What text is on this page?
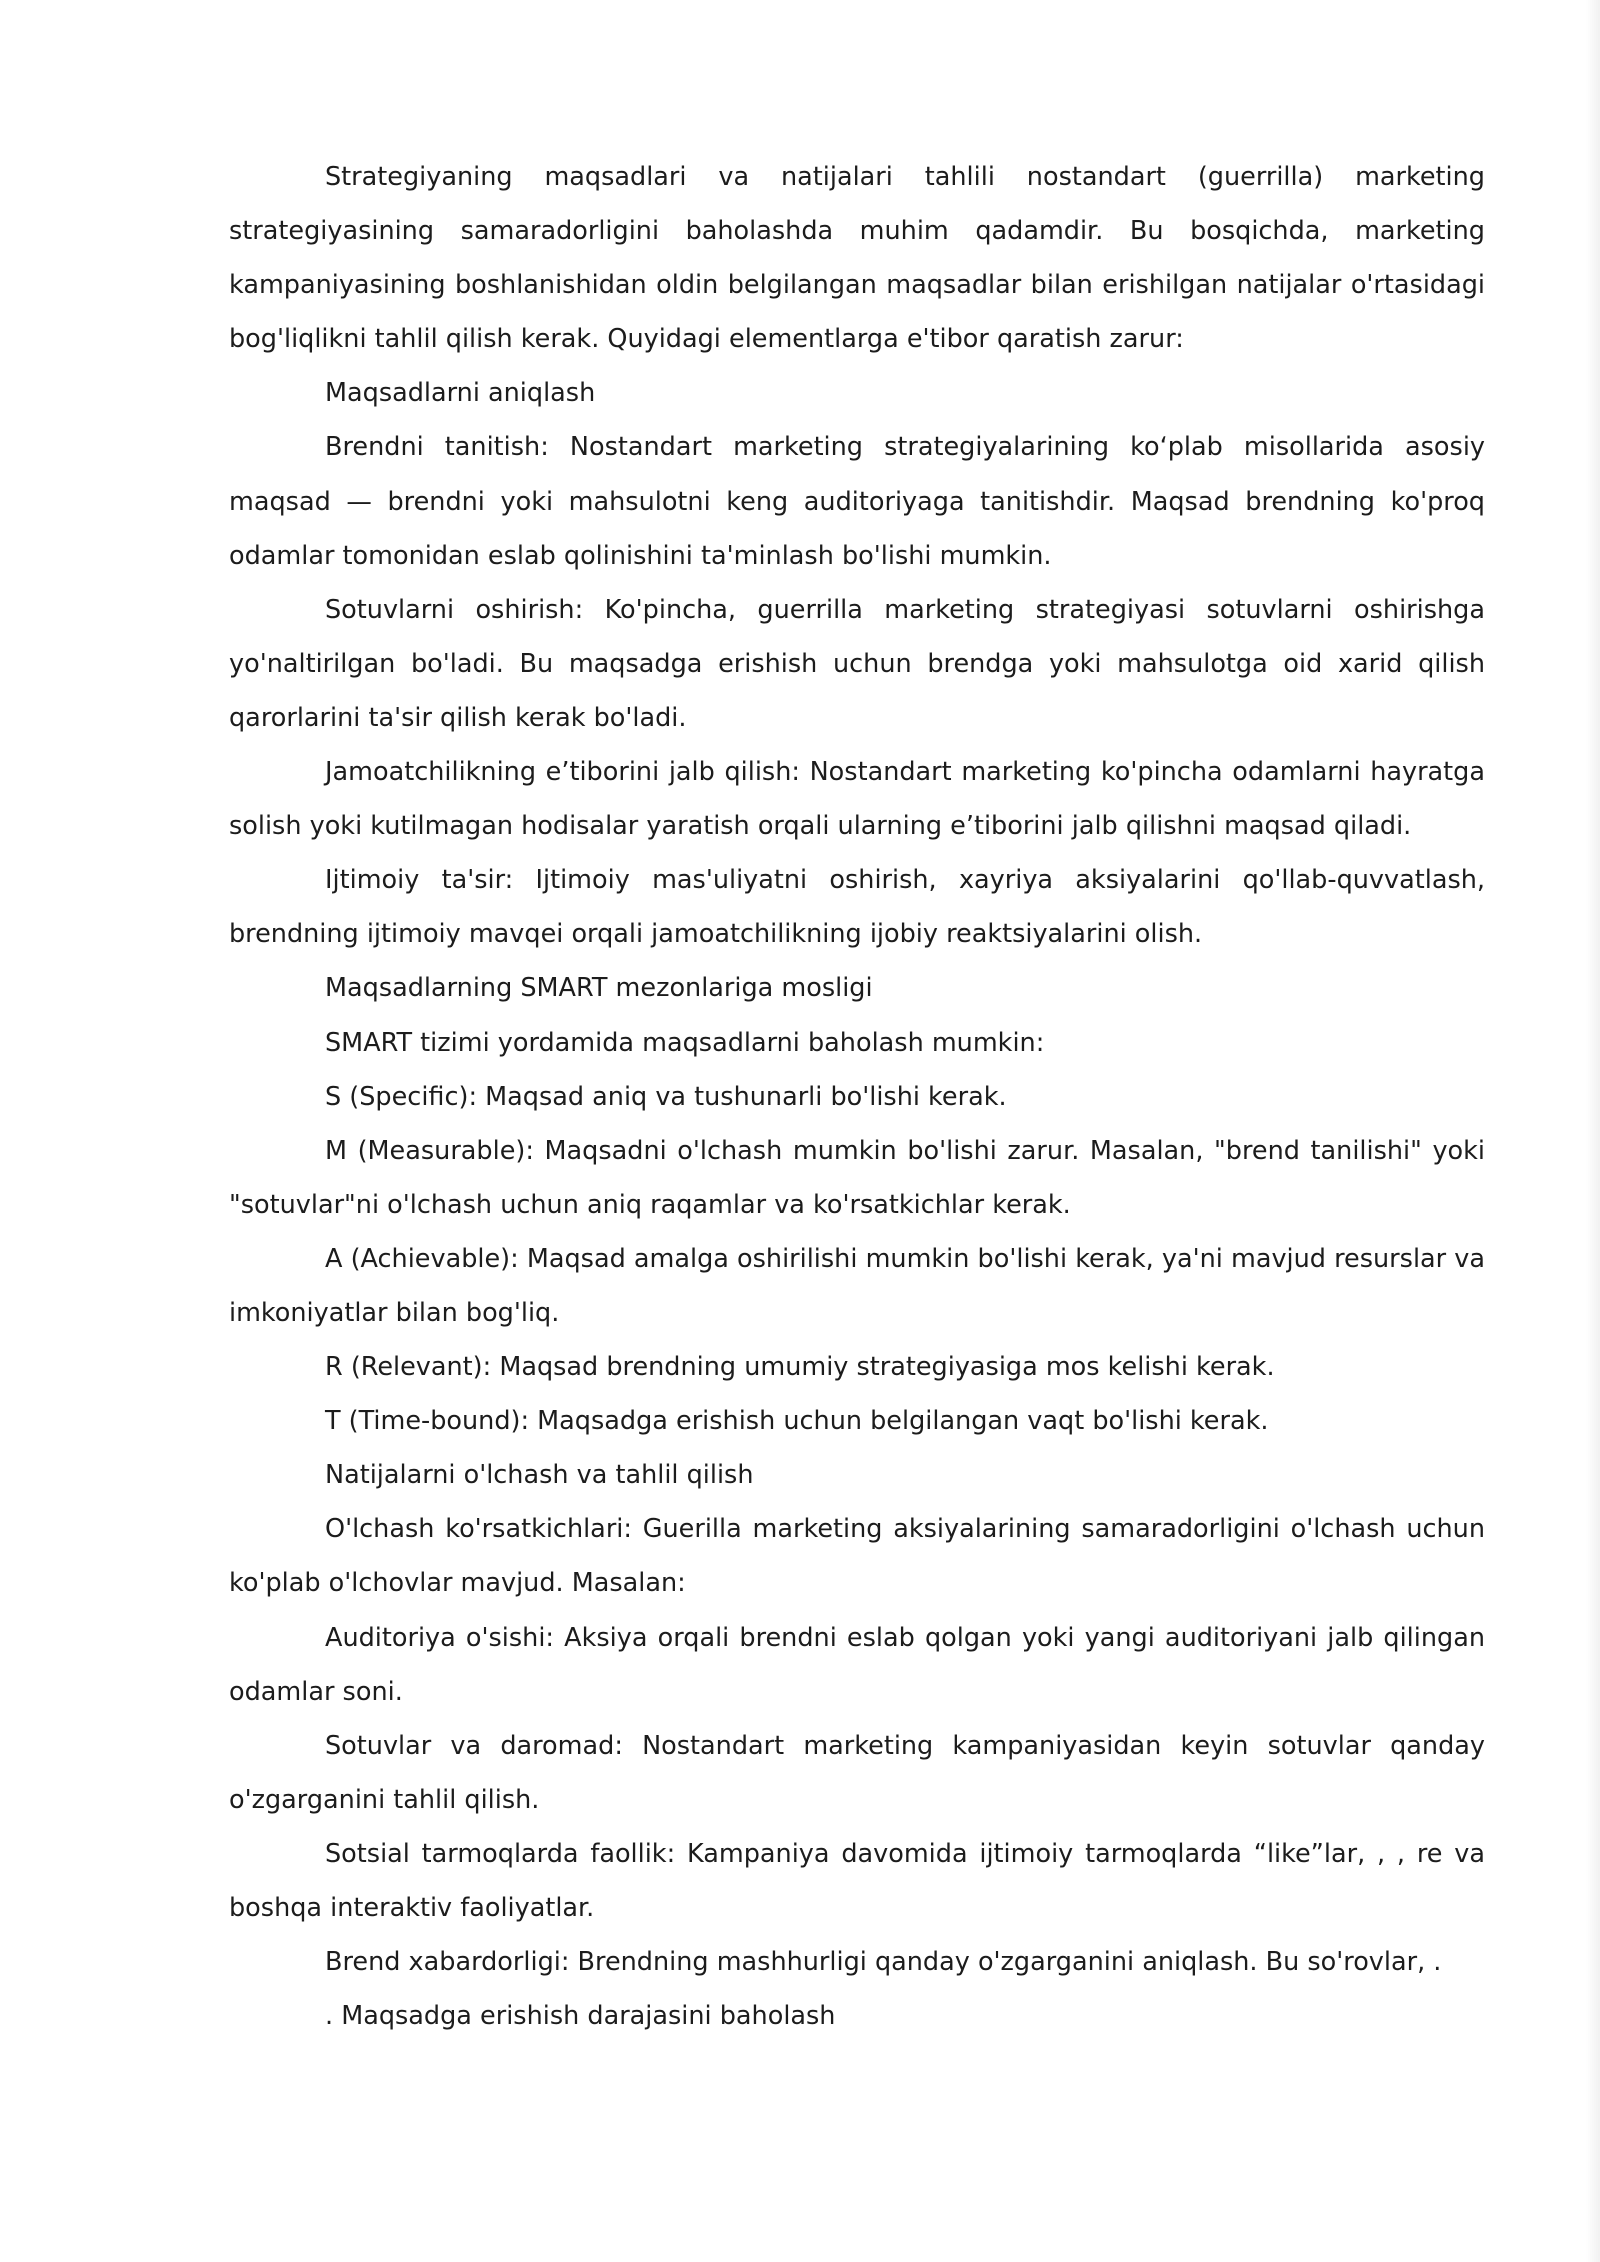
Strategiyaning maqsadlari va natijalari tahlili nostandart (guerrilla) marketing strategiyasining samaradorligini baholashda muhim qadamdir. Bu bosqichda, marketing kampaniyasining boshlanishidan oldin belgilangan maqsadlar bilan erishilgan natijalar o'rtasidagi bog'liqlikni tahlil qilish kerak. Quyidagi elementlarga e'tibor qaratish zarur:

Maqsadlarni aniqlash

Brendni tanitish: Nostandart marketing strategiyalarining koʻplab misollarida asosiy maqsad — brendni yoki mahsulotni keng auditoriyaga tanitishdir. Maqsad brendning ko'proq odamlar tomonidan eslab qolinishini ta'minlash bo'lishi mumkin.

Sotuvlarni oshirish: Ko'pincha, guerrilla marketing strategiyasi sotuvlarni oshirishga yo'naltirilgan bo'ladi. Bu maqsadga erishish uchun brendga yoki mahsulotga oid xarid qilish qarorlarini ta'sir qilish kerak bo'ladi.

Jamoatchilikning e’tiborini jalb qilish: Nostandart marketing ko'pincha odamlarni hayratga solish yoki kutilmagan hodisalar yaratish orqali ularning e’tiborini jalb qilishni maqsad qiladi.

Ijtimoiy ta'sir: Ijtimoiy mas'uliyatni oshirish, xayriya aksiyalarini qo'llab-quvvatlash, brendning ijtimoiy mavqei orqali jamoatchilikning ijobiy reaktsiyalarini olish.

Maqsadlarning SMART mezonlariga mosligi

SMART tizimi yordamida maqsadlarni baholash mumkin:

S (Specific): Maqsad aniq va tushunarli bo'lishi kerak.

M (Measurable): Maqsadni o'lchash mumkin bo'lishi zarur. Masalan, "brend tanilishi" yoki "sotuvlar"ni o'lchash uchun aniq raqamlar va ko'rsatkichlar kerak.

A (Achievable): Maqsad amalga oshirilishi mumkin bo'lishi kerak, ya'ni mavjud resurslar va imkoniyatlar bilan bog'liq.

R (Relevant): Maqsad brendning umumiy strategiyasiga mos kelishi kerak.

T (Time-bound): Maqsadga erishish uchun belgilangan vaqt bo'lishi kerak.

Natijalarni o'lchash va tahlil qilish

O'lchash ko'rsatkichlari: Guerilla marketing aksiyalarining samaradorligini o'lchash uchun ko'plab o'lchovlar mavjud. Masalan:

Auditoriya o'sishi: Aksiya orqali brendni eslab qolgan yoki yangi auditoriyani jalb qilingan odamlar soni.

Sotuvlar va daromad: Nostandart marketing kampaniyasidan keyin sotuvlar qanday o'zgarganini tahlil qilish.

Sotsial tarmoqlarda faollik: Kampaniya davomida ijtimoiy tarmoqlarda “like”lar, , , re va boshqa interaktiv faoliyatlar.

Brend xabardorligi: Brendning mashhurligi qanday o'zgarganini aniqlash. Bu so'rovlar, .

. Maqsadga erishish darajasini baholash
